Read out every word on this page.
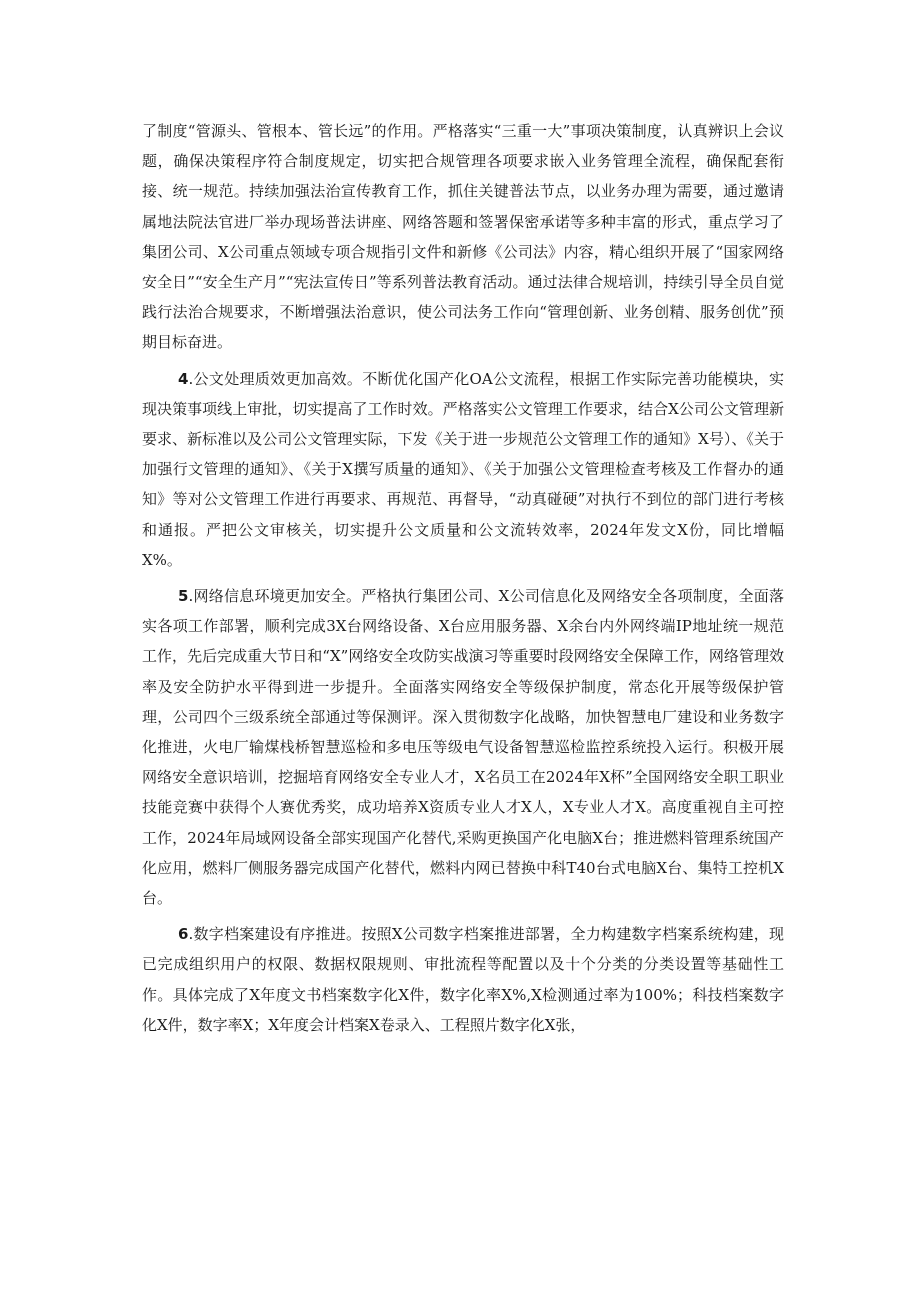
了制度“管源头、管根本、管长远”的作用。严格落实“三重一大”事项决策制度，认真辨识上会议题，确保决策程序符合制度规定，切实把合规管理各项要求嵌入业务管理全流程，确保配套衔接、统一规范。持续加强法治宣传教育工作，抓住关键普法节点，以业务办理为需要，通过邀请属地法院法官进厂举办现场普法讲座、网络答题和签署保密承诺等多种丰富的形式，重点学习了集团公司、X公司重点领域专项合规指引文件和新修《公司法》内容，精心组织开展了“国家网络安全日”“安全生产月”“宪法宣传日”等系列普法教育活动。通过法律合规培训，持续引导全员自觉践行法治合规要求，不断增强法治意识，使公司法务工作向“管理创新、业务创精、服务创优”预期目标奋进。

4.公文处理质效更加高效。不断优化国产化OA公文流程，根据工作实际完善功能模块，实现决策事项线上审批，切实提高了工作时效。严格落实公文管理工作要求，结合X公司公文管理新要求、新标准以及公司公文管理实际，下发《关于进一步规范公文管理工作的通知》X号）、《关于加强行文管理的通知》、《关于X撰写质量的通知》、《关于加强公文管理检查考核及工作督办的通知》等对公文管理工作进行再要求、再规范、再督导，“动真碰硬”对执行不到位的部门进行考核和通报。严把公文审核关，切实提升公文质量和公文流转效率，2024年发文X份，同比增幅X%。

5.网络信息环境更加安全。严格执行集团公司、X公司信息化及网络安全各项制度，全面落实各项工作部署，顺利完成3X台网络设备、X台应用服务器、X余台内外网终端IP地址统一规范工作，先后完成重大节日和“X”网络安全攻防实战演习等重要时段网络安全保障工作，网络管理效率及安全防护水平得到进一步提升。全面落实网络安全等级保护制度，常态化开展等级保护管理，公司四个三级系统全部通过等保测评。深入贯彻数字化战略，加快智慧电厂建设和业务数字化推进，火电厂输煤栈桥智慧巡检和多电压等级电气设备智慧巡检监控系统投入运行。积极开展网络安全意识培训，挖掘培育网络安全专业人才，X名员工在2024年X杯”全国网络安全职工职业技能竞赛中获得个人赛优秀奖，成功培养X资质专业人才X人，X专业人才X。高度重视自主可控工作，2024年局域网设备全部实现国产化替代,采购更换国产化电脑X台；推进燃料管理系统国产化应用，燃料厂侧服务器完成国产化替代，燃料内网已替换中科T40台式电脑X台、集特工控机X台。

6.数字档案建设有序推进。按照X公司数字档案推进部署，全力构建数字档案系统构建，现已完成组织用户的权限、数据权限规则、审批流程等配置以及十个分类的分类设置等基础性工作。具体完成了X年度文书档案数字化X件，数字化率X%,X检测通过率为100%；科技档案数字化X件，数字率X；X年度会计档案X卷录入、工程照片数字化X张，
